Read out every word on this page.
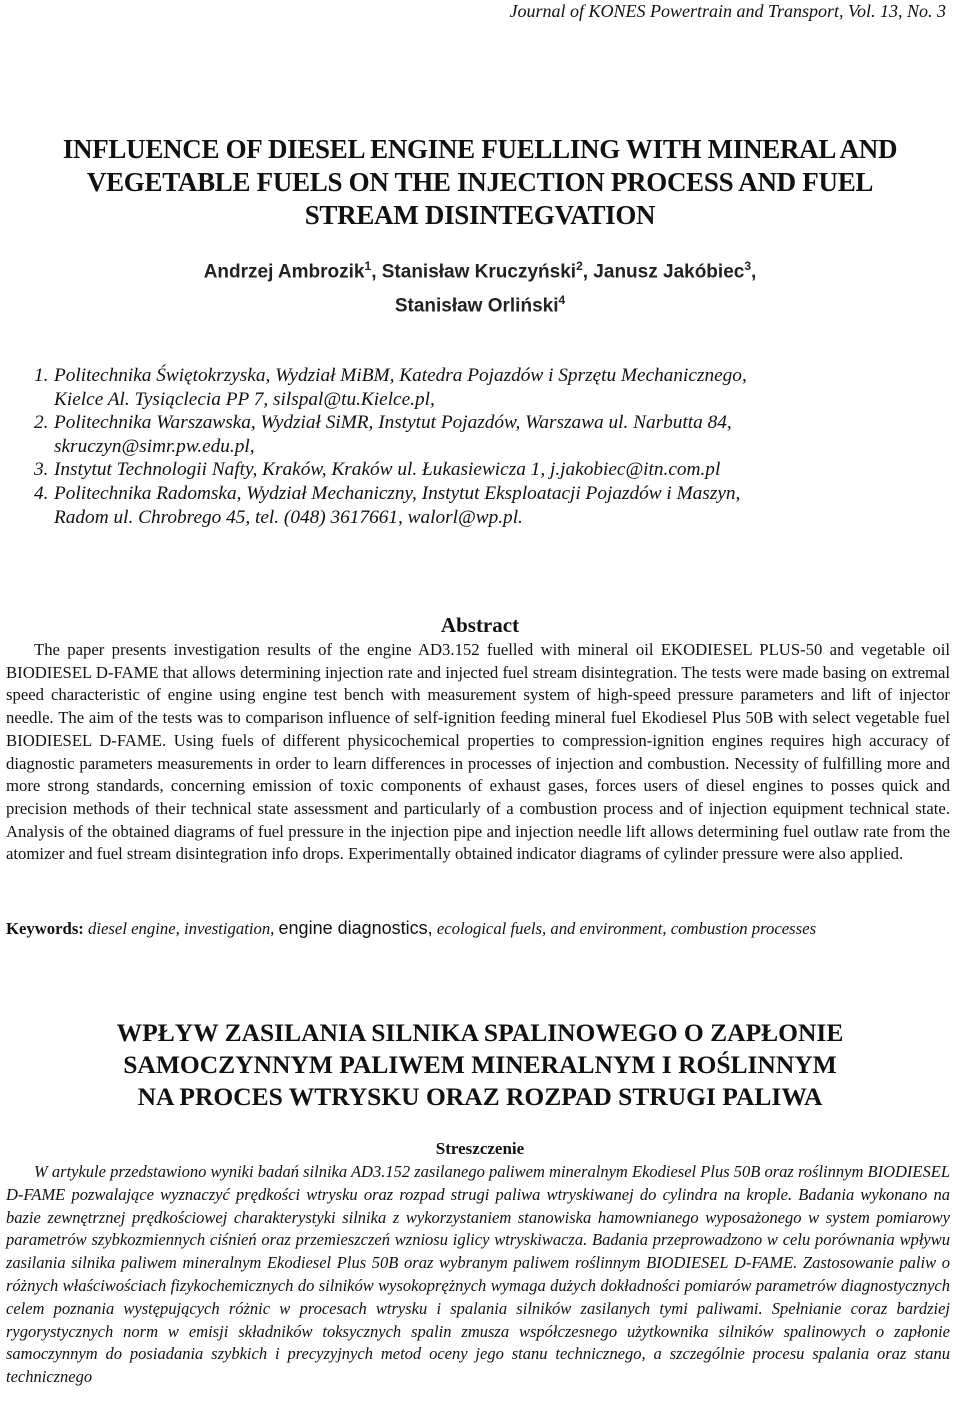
Journal of KONES Powertrain and Transport, Vol. 13, No. 3
INFLUENCE OF DIESEL ENGINE FUELLING WITH MINERAL AND
VEGETABLE FUELS ON THE INJECTION PROCESS AND FUEL
STREAM DISINTEGVATION
Andrzej Ambrozik$^1$, Stanisław Kruczyński$^2$, Janusz Jakóbiec$^3$,
Stanisław Orliński$^4$
1. Politechnika Świętokrzyska, Wydział MiBM, Katedra Pojazdów i Sprzętu Mechanicznego,
Kielce Al. Tysiąclecia PP 7, silspal@tu.Kielce.pl,
2. Politechnika Warszawska, Wydział SiMR, Instytut Pojazdów, Warszawa ul. Narbutta 84,
skruczyn@simr.pw.edu.pl,
3. Instytut Technologii Nafty, Kraków, Kraków ul. Łukasiewicza 1, j.jakobiec@itn.com.pl
4. Politechnika Radomska, Wydział Mechaniczny, Instytut Eksploatacji Pojazdów i Maszyn,
Radom ul. Chrobrego 45, tel. (048) 3617661, walorl@wp.pl.
Abstract

The paper presents investigation results of the engine AD3.152 fuelled with mineral oil EKODIESEL PLUS-50 and vegetable oil BIODIESEL D-FAME that allows determining injection rate and injected fuel stream disintegration. The tests were made basing on extremal speed characteristic of engine using engine test bench with measurement system of high-speed pressure parameters and lift of injector needle. The aim of the tests was to comparison influence of self-ignition feeding mineral fuel Ekodiesel Plus 50B with select vegetable fuel BIODIESEL D-FAME. Using fuels of different physicochemical properties to compression-ignition engines requires high accuracy of diagnostic parameters measurements in order to learn differences in processes of injection and combustion. Necessity of fulfilling more and more strong standards, concerning emission of toxic components of exhaust gases, forces users of diesel engines to posses quick and precision methods of their technical state assessment and particularly of a combustion process and of injection equipment technical state. Analysis of the obtained diagrams of fuel pressure in the injection pipe and injection needle lift allows determining fuel outlaw rate from the atomizer and fuel stream disintegration info drops. Experimentally obtained indicator diagrams of cylinder pressure were also applied.

Keywords: diesel engine, investigation, engine diagnostics, ecological fuels, and environment, combustion processes

WPŁYW ZASILANIA SILNIKA SPALINOWEGO O ZAPŁONIE
SAMOCZYNNYM PALIWEM MINERALNYM I ROŚLINNYM
NA PROCES WTRYSKU ORAZ ROZPAD STRUGI PALIWA
Streszczenie

W artykule przedstawiono wyniki badań silnika AD3.152 zasilanego paliwem mineralnym Ekodiesel Plus 50B oraz roślinnym BIODIESEL D-FAME pozwalające wyznaczyć prędkości wtrysku oraz rozpad strugi paliwa wtryskiwanej do cylindra na krople. Badania wykonano na bazie zewnętrznej prędkościowej charakterystyki silnika z wykorzystaniem stanowiska hamownianego wyposażonego w system pomiarowy parametrów szybkozmiennych ciśnień oraz przemieszczeń wzniosu iglicy wtryskiwacza. Badania przeprowadzono w celu porównania wpływu zasilania silnika paliwem mineralnym Ekodiesel Plus 50B oraz wybranym paliwem roślinnym BIODIESEL D-FAME. Zastosowanie paliw o różnych właściwościach fizykochemicznych do silników wysokoprężnych wymaga dużych dokładności pomiarów parametrów diagnostycznych celem poznania występujących różnic w procesach wtrysku i spalania silników zasilanych tymi paliwami. Spełnianie coraz bardziej rygorystycznych norm w emisji składników toksycznych spalin zmusza współczesnego użytkownika silników spalinowych o zapłonie samoczynnym do posiadania szybkich i precyzyjnych metod oceny jego stanu technicznego, a szczególnie procesu spalania oraz stanu technicznego
